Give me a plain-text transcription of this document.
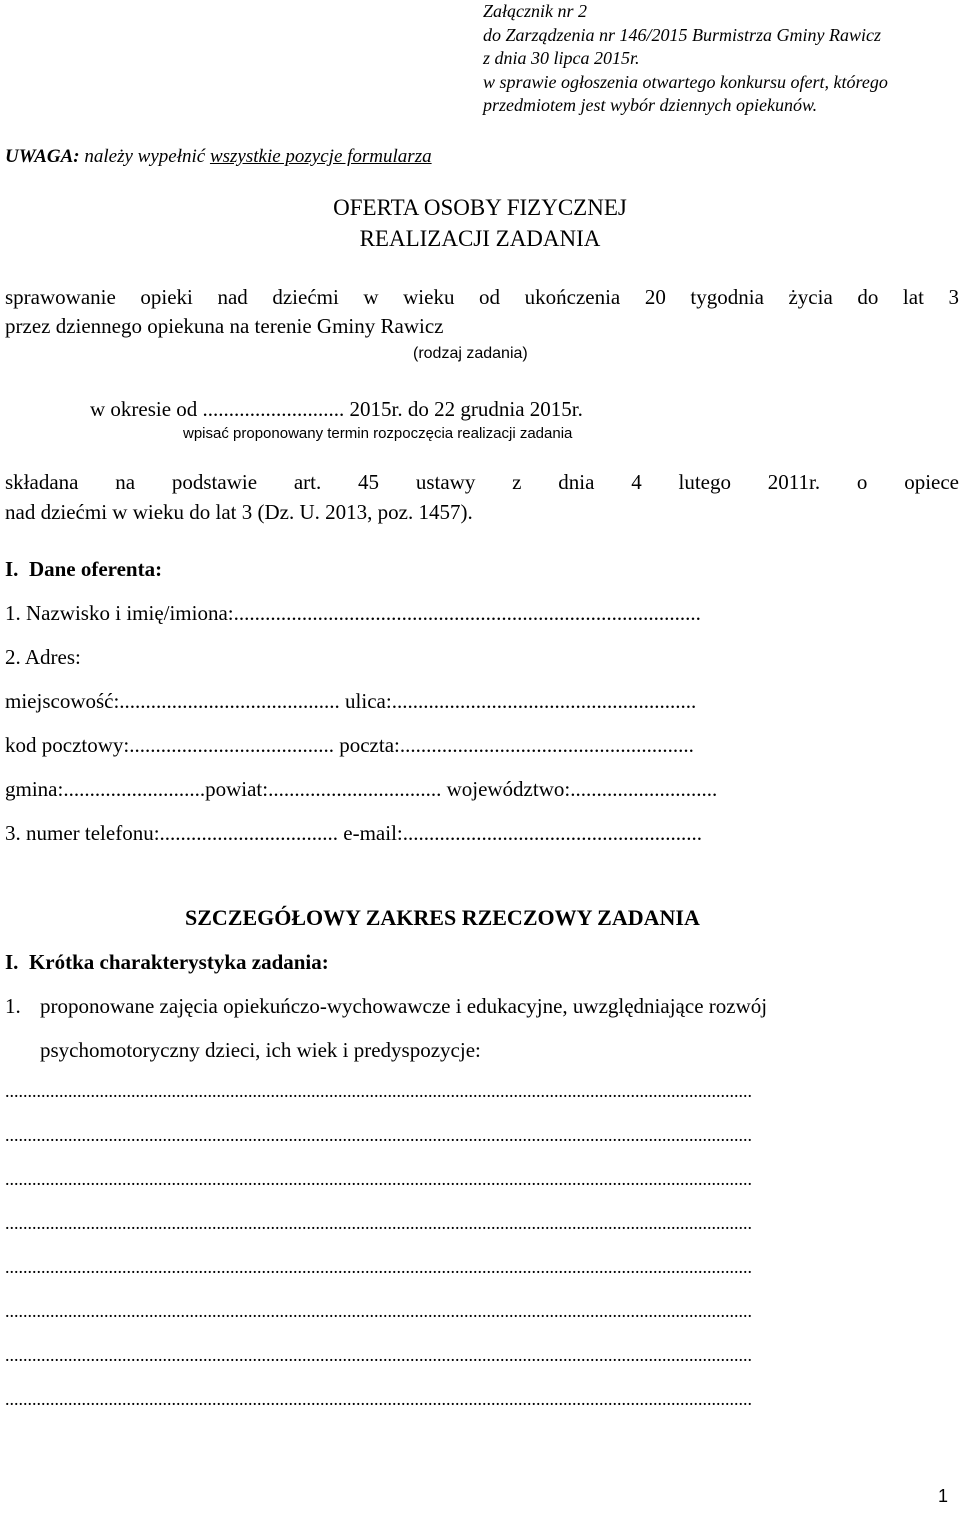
Załącznik nr 2
do Zarządzenia nr 146/2015 Burmistrza Gminy Rawicz
z dnia 30 lipca 2015r.
w sprawie ogłoszenia otwartego konkursu ofert, którego
przedmiotem jest wybór dziennych opiekunów.
UWAGA: należy wypełnić wszystkie pozycje formularza
OFERTA OSOBY FIZYCZNEJ
REALIZACJI ZADANIA
sprawowanie opieki nad dziećmi w wieku od ukończenia 20 tygodnia życia do lat 3
przez dziennego opiekuna na terenie Gminy Rawicz
(rodzaj zadania)
w okresie od ........................... 2015r. do 22 grudnia 2015r.
wpisać proponowany termin rozpoczęcia realizacji zadania
składana na podstawie art. 45 ustawy z dnia 4 lutego 2011r. o opiece
nad dziećmi w wieku do lat 3 (Dz. U. 2013, poz. 1457).
I. Dane oferenta:
1. Nazwisko i imię/imiona:.........................................................................................
2. Adres:
miejscowość:.......................................... ulica:..........................................................
kod pocztowy:....................................... poczta:........................................................
gmina:...........................powiat:................................. województwo:............................
3. numer telefonu:.................................. e-mail:.........................................................
SZCZEGÓŁOWY ZAKRES RZECZOWY ZADANIA
I. Krótka charakterystyka zadania:
1. proponowane zajęcia opiekuńczo-wychowawcze i edukacyjne, uwzględniające rozwój
psychomotoryczny dzieci, ich wiek i predyspozycje:
......................................................................................................................................................................
......................................................................................................................................................................
......................................................................................................................................................................
......................................................................................................................................................................
......................................................................................................................................................................
......................................................................................................................................................................
......................................................................................................................................................................
......................................................................................................................................................................
1
